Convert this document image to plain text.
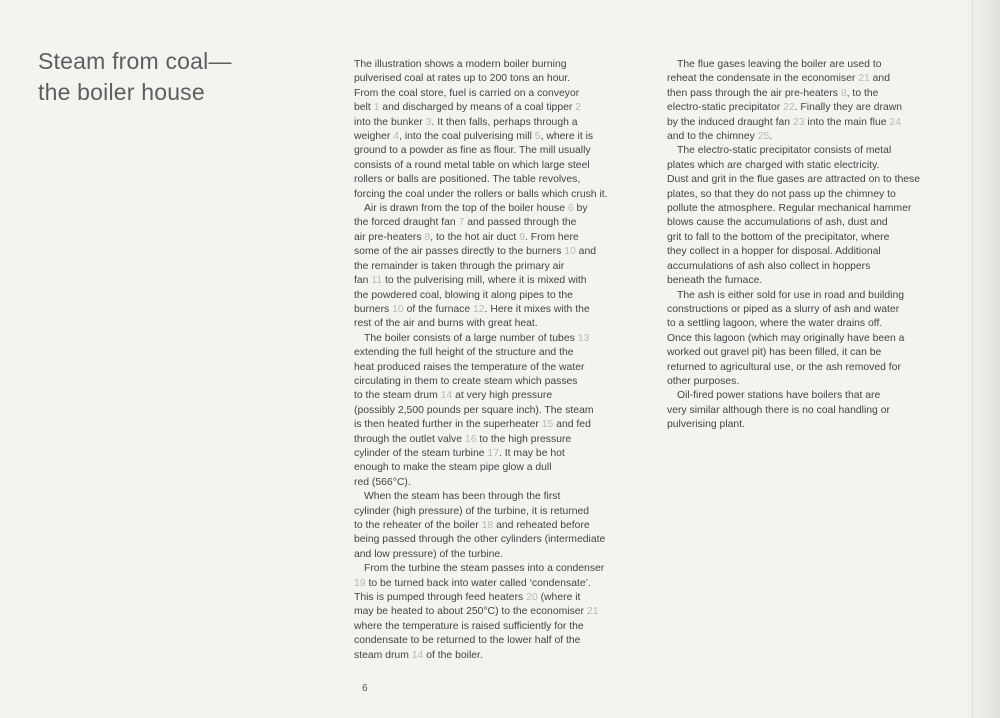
Steam from coal—
the boiler house
The illustration shows a modern boiler burning
pulverised coal at rates up to 200 tons an hour.
From the coal store, fuel is carried on a conveyor
belt 1 and discharged by means of a coal tipper 2
into the bunker 3. It then falls, perhaps through a
weigher 4, into the coal pulverising mill 5, where it is
ground to a powder as fine as flour. The mill usually
consists of a round metal table on which large steel
rollers or balls are positioned. The table revolves,
forcing the coal under the rollers or balls which crush it.
Air is drawn from the top of the boiler house 6 by
the forced draught fan 7 and passed through the
air pre-heaters 8, to the hot air duct 9. From here
some of the air passes directly to the burners 10 and
the remainder is taken through the primary air
fan 11 to the pulverising mill, where it is mixed with
the powdered coal, blowing it along pipes to the
burners 10 of the furnace 12. Here it mixes with the
rest of the air and burns with great heat.
The boiler consists of a large number of tubes 13
extending the full height of the structure and the
heat produced raises the temperature of the water
circulating in them to create steam which passes
to the steam drum 14 at very high pressure
(possibly 2,500 pounds per square inch). The steam
is then heated further in the superheater 15 and fed
through the outlet valve 16 to the high pressure
cylinder of the steam turbine 17. It may be hot
enough to make the steam pipe glow a dull
red (566°C).
When the steam has been through the first
cylinder (high pressure) of the turbine, it is returned
to the reheater of the boiler 18 and reheated before
being passed through the other cylinders (intermediate
and low pressure) of the turbine.
From the turbine the steam passes into a condenser
19 to be turned back into water called ‘condensate’.
This is pumped through feed heaters 20 (where it
may be heated to about 250°C) to the economiser 21
where the temperature is raised sufficiently for the
condensate to be returned to the lower half of the
steam drum 14 of the boiler.
The flue gases leaving the boiler are used to
reheat the condensate in the economiser 21 and
then pass through the air pre-heaters 8, to the
electro-static precipitator 22. Finally they are drawn
by the induced draught fan 23 into the main flue 24
and to the chimney 25.
The electro-static precipitator consists of metal
plates which are charged with static electricity.
Dust and grit in the flue gases are attracted on to these
plates, so that they do not pass up the chimney to
pollute the atmosphere. Regular mechanical hammer
blows cause the accumulations of ash, dust and
grit to fall to the bottom of the precipitator, where
they collect in a hopper for disposal. Additional
accumulations of ash also collect in hoppers
beneath the furnace.
The ash is either sold for use in road and building
constructions or piped as a slurry of ash and water
to a settling lagoon, where the water drains off.
Once this lagoon (which may originally have been a
worked out gravel pit) has been filled, it can be
returned to agricultural use, or the ash removed for
other purposes.
Oil-fired power stations have boilers that are
very similar although there is no coal handling or
pulverising plant.
6
